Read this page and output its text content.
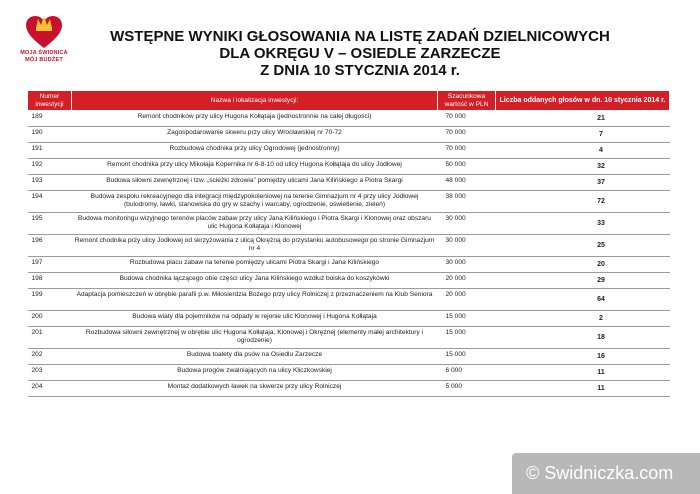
MOJA ŚWIDNICA
MÓJ BUDŻET
WSTĘPNE WYNIKI GŁOSOWANIA NA LISTĘ ZADAŃ DZIELNICOWYCH
DLA OKRĘGU V – OSIEDLE ZARZECZE
Z DNIA 10 STYCZNIA 2014 r.
Numer inwestycji	Nazwa i lokalizacja inwestycji:	Szacunkowa wartość w PLN	Liczba oddanych głosów w dn. 10 stycznia 2014 r.
189	Remont chodników przy ulicy Hugona Kołłątaja (jednostronnie na całej długości)	70 000	21
190	Zagospodarowanie skweru przy ulicy Wrocławskiej nr 70-72	70 000	7
191	Rozbudowa chodnika przy ulicy Ogrodowej (jednostronny)	70 000	4
192	Remont chodnika przy ulicy Mikołaja Kopernika nr 6-8-10 od ulicy Hugona Kołłątaja do ulicy Jodłowej	50 000	32
193	Budowa siłowni zewnętrznej i tzw. „ścieżki zdrowia” pomiędzy ulicami Jana Kilińskiego a Piotra Skargi	48 000	37
194	Budowa zespołu rekreacyjnego dla integracji międzypokoleniowej na terenie Gimnazjum nr 4 przy ulicy Jodłowej (bulodromy, ławki, stanowiska do gry w szachy i warcaby, ogrodzenie, oświetlenie, zieleń)	38 000	72
195	Budowa monitoringu wizyjnego terenów placów zabaw przy ulicy Jana Kilińskiego i Piotra Skargi i Klonowej oraz obszaru ulic Hugona Kołłątaja i Klonowej	30 000	33
196	Remont chodnika przy ulicy Jodłowej od skrzyżowania z ulicą Okrężną do przystanku autobusowego po stronie Gimnazjum nr 4	30 000	25
197	Rozbudowa placu zabaw na terenie pomiędzy ulicami Piotra Skargi i Jana Kilińskiego	30 000	20
198	Budowa chodnika łączącego obie części ulicy Jana Kilińskiego wzdłuż boiska do koszykówki	20 000	29
199	Adaptacja pomieszczeń w obrębie parafii p.w. Miłosierdzia Bożego przy ulicy Rolniczej z przeznaczeniem na Klub Seniora	20 000	64
200	Budowa wiaty dla pojemników na odpady w rejonie ulic Klonowej i Hugona Kołłątaja	15 000	2
201	Rozbudowa siłowni zewnętrznej w obrębie ulic Hugona Kołłątaja, Klonowej i Okrężnej (elementy małej architektury i ogrodzenie)	15 000	18
202	Budowa toalety dla psów na Osiedlu Zarzecze	15 000	16
203	Budowa progów zwalniających na ulicy Kliczkowskiej	6 000	11
204	Montaż dodatkowych ławek na skwerze przy ulicy Rolniczej	5 000	11
© Swidniczka.com
